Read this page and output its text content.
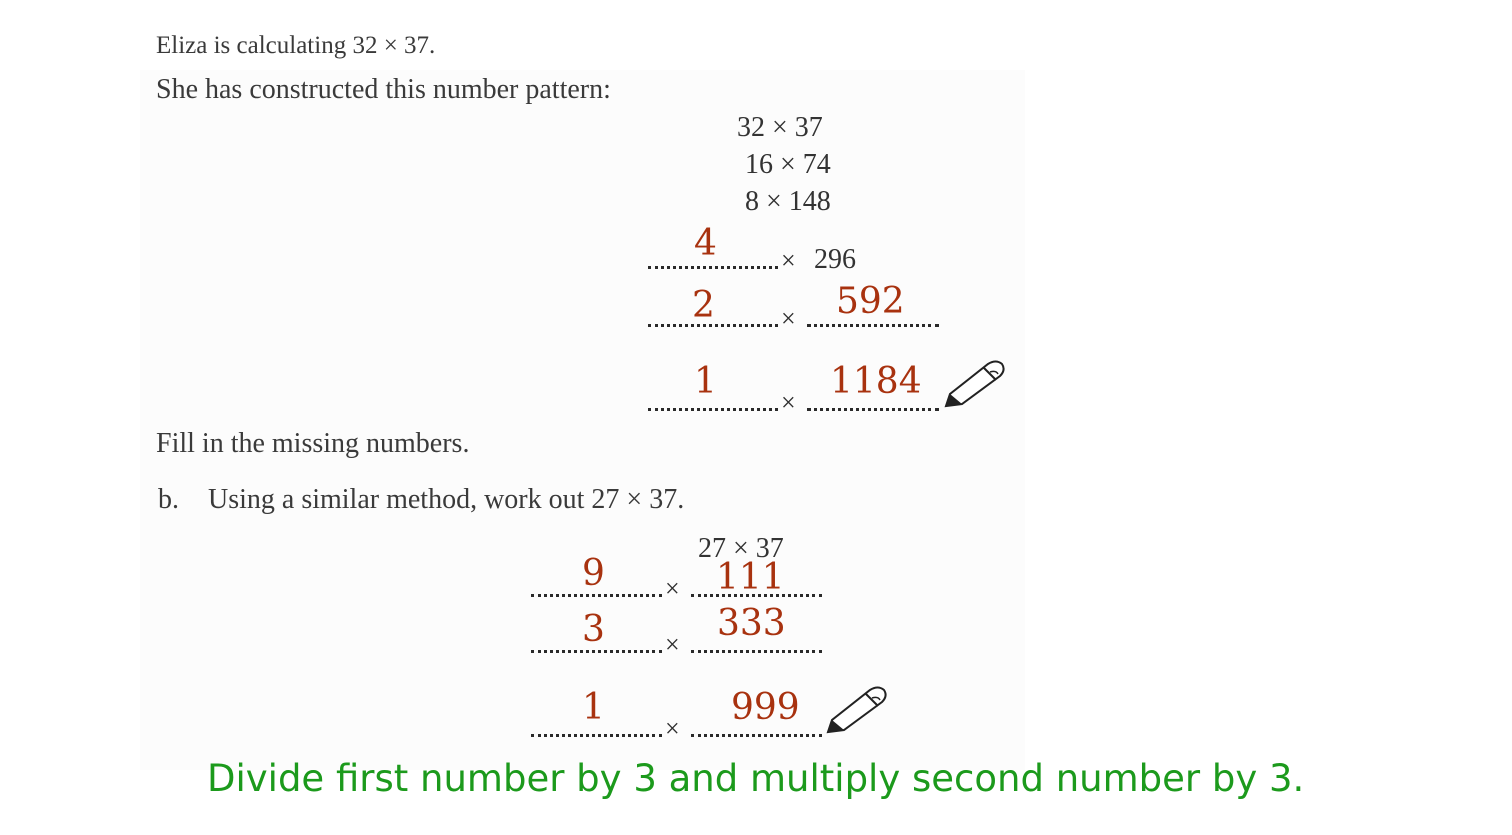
Eliza is calculating 32 × 37.
She has constructed this number pattern:
32 × 37
16 × 74
8 × 148
4 × 296
2	× 592
1
×
1184
Fill in the missing numbers.
b. Using a similar method, work out 27 × 37.
27 × 37
9 × 111
3 ×
333
1
×
999
Divide first number by 3 and multiply second number by 3.
